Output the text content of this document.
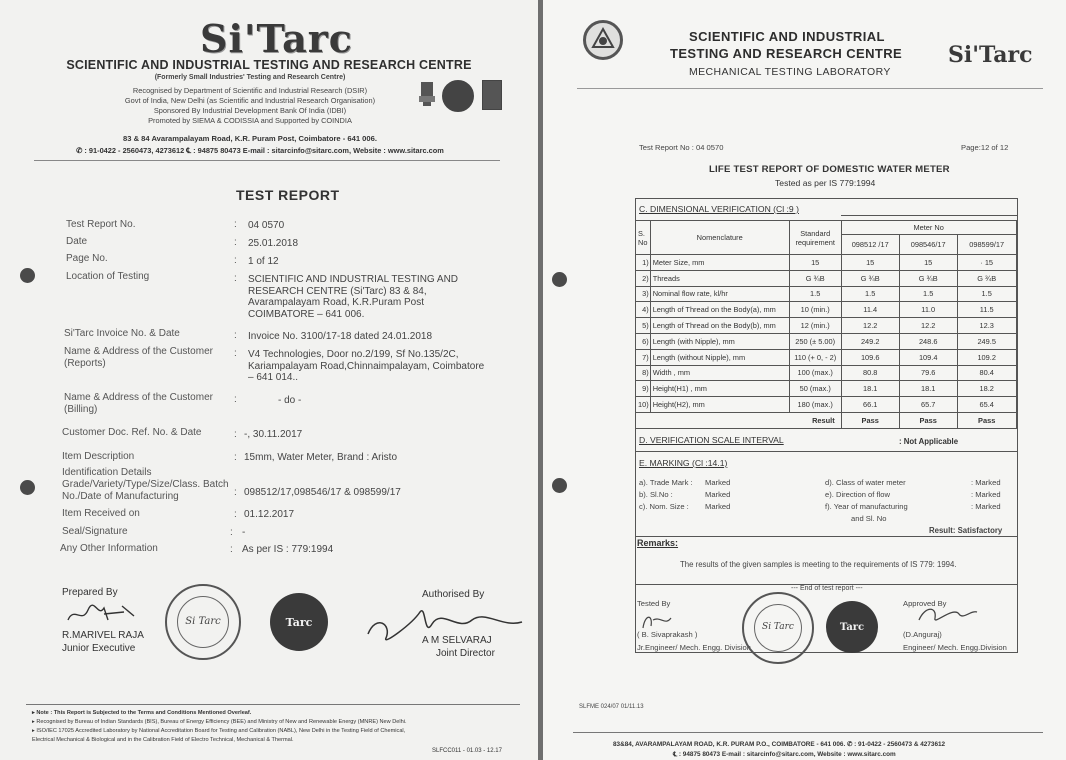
Si'Tarc
SCIENTIFIC AND INDUSTRIAL TESTING AND RESEARCH CENTRE
(Formerly Small Industries' Testing and Research Centre)
Recognised by Department of Scientific and Industrial Research (DSIR)
Govt of India, New Delhi (as Scientific and Industrial Research Organisation)
Sponsored By Industrial Development Bank Of India (IDBI)
Promoted by SIEMA & CODISSIA and Supported by COINDIA
83 & 84 Avarampalayam Road, K.R. Puram Post, Coimbatore - 641 006.
✆ : 91-0422 - 2560473, 4273612 ℄ : 94875 80473 E-mail : sitarcinfo@sitarc.com, Website : www.sitarc.com
TEST REPORT
Test Report No.	: 04 0570
Date	: 25.01.2018
Page No.	: 1 of 12
Location of Testing	: SCIENTIFIC AND INDUSTRIAL TESTING AND RESEARCH CENTRE (Si'Tarc) 83 & 84, Avarampalayam Road, K.R.Puram Post COIMBATORE – 641 006.
Si'Tarc Invoice No. & Date	: Invoice No. 3100/17-18 dated 24.01.2018
Name & Address of the Customer (Reports)
: V4 Technologies, Door no.2/199, Sf No.135/2C, Kariampalayam Road,Chinnaimpalayam, Coimbatore – 641 014..
Name & Address of the Customer (Billing)
:	- do -
Customer Doc. Ref. No. & Date	: -, 30.11.2017
Item Description	: 15mm, Water Meter, Brand : Aristo
Identification Details Grade/Variety/Type/Size/Class. Batch No./Date of Manufacturing	: 098512/17,098546/17 & 098599/17
Item Received on	: 01.12.2017
Seal/Signature	: -
Any Other Information	: As per IS : 779:1994
Prepared By
R.MARIVEL RAJA
Junior Executive
Si Tarc	Tarc
Authorised By
A M SELVARAJ
Joint Director
▸ Note : This Report is Subjected to the Terms and Conditions Mentioned Overleaf.
▸ Recognised by Bureau of Indian Standards (BIS), Bureau of Energy Efficiency (BEE) and Ministry of New and Renewable Energy (MNRE) New Delhi.
▸ ISO/IEC 17025 Accredited Laboratory by National Accreditation Board for Testing and Calibration (NABL), New Delhi in the Testing Field of Chemical,
Electrical Mechanical & Biological and in the Calibration Field of Electro Technical, Mechanical & Thermal.
SLFCC011 - 01.03 - 12.17

SCIENTIFIC AND INDUSTRIAL
TESTING AND RESEARCH CENTRE
MECHANICAL TESTING LABORATORY
Si'Tarc
Test Report No : 04 0570	Page:12 of 12
LIFE TEST REPORT OF DOMESTIC WATER METER
Tested as per IS 779:1994
C. DIMENSIONAL VERIFICATION (Cl :9 )
S.
No	Nomenclature	Standard requirement	Meter No		
			098512 /17	098546/17	098599/17
1)	Meter Size, mm	15	15	15	· 15
2)	Threads	G ¾B	G ¾B	G ¾B	G ¾B
3)	Nominal flow rate, kl/hr	1.5	1.5	1.5	1.5
4)	Length of Thread on the Body(a), mm	10 (min.)	11.4	11.0	11.5
5)	Length of Thread on the Body(b), mm	12 (min.)	12.2	12.2	12.3
6)	Length (with Nipple), mm	250 (± 5.00)	249.2	248.6	249.5
7)	Length (without Nipple), mm	110 (+ 0, - 2)	109.6	109.4	109.2
8)	Width , mm	100 (max.)	80.8	79.6	80.4
9)	Height(H1) , mm	50 (max.)	18.1	18.1	18.2
10)	Height(H2), mm	180 (max.)	66.1	65.7	65.4
Result			Pass	Pass	Pass
D. VERIFICATION SCALE INTERVAL	: Not Applicable
E. MARKING (Cl :14.1)
a). Trade Mark : Marked
b). Sl.No :	Marked
c). Nom. Size : Marked
d). Class of water meter	: Marked
e). Direction of flow	: Marked
f). Year of manufacturing	: Marked
and Sl. No
Result: Satisfactory
Remarks:
The results of the given samples is meeting to the requirements of IS 779: 1994.
--- End of test report ---
Tested By
( B. Sivaprakash )
Jr.Engineer/ Mech. Engg. Division
Si Tarc	Tarc
Approved By
(D.Anguraj)
Engineer/ Mech. Engg.Division
SLFME 024/07 01/11.13
83&84, AVARAMPALAYAM ROAD, K.R. PURAM P.O., COIMBATORE - 641 006. ✆ : 91-0422 - 2560473 & 4273612
℄ : 94875 80473 E-mail : sitarcinfo@sitarc.com, Website : www.sitarc.com
